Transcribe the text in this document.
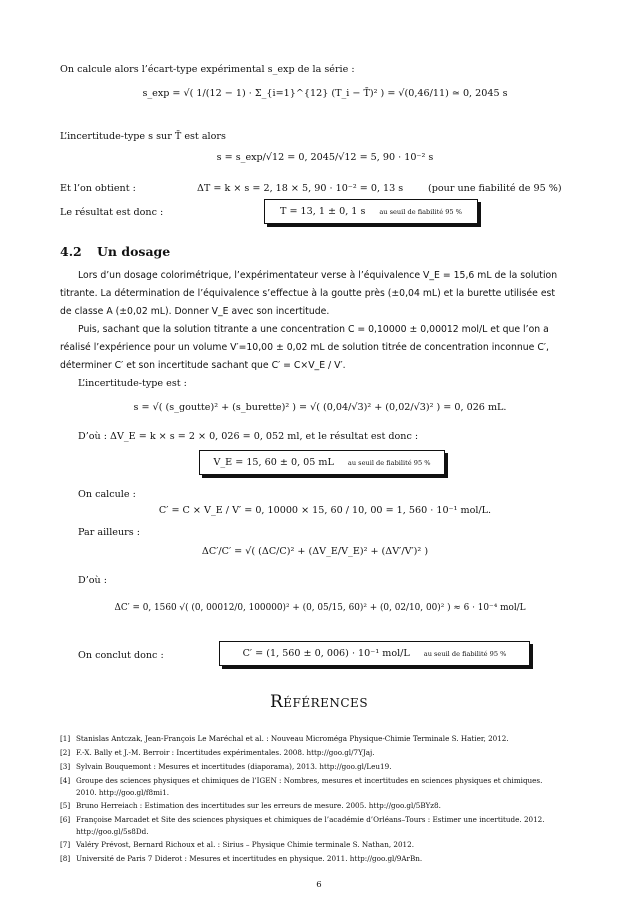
On calcule alors l’écart-type expérimental s_exp de la série :
s_exp = √( 1/(12 − 1) · Σ_{i=1}^{12} (T_i − T̄)² ) = √(0,46/11) ≃ 0, 2045 s
L’incertitude-type s sur T̄ est alors
s = s_exp/√12 = 0, 2045/√12 = 5, 90 · 10⁻² s
Et l’on obtient :	ΔT = k × s = 2, 18 × 5, 90 · 10⁻² = 0, 13 s	(pour une fiabilité de 95 %)
Le résultat est donc :	T = 13, 1 ± 0, 1 s au seuil de fiabilité 95 %
4.2 Un dosage
Lors d’un dosage colorimétrique, l’expérimentateur verse à l’équivalence V_E = 15,6 mL de la solution
titrante. La détermination de l’équivalence s’effectue à la goutte près (±0,04 mL) et la burette utilisée est
de classe A (±0,02 mL). Donner V_E avec son incertitude.
Puis, sachant que la solution titrante a une concentration C = 0,10000 ± 0,00012 mol/L et que l’on a
réalisé l’expérience pour un volume V′=10,00 ± 0,02 mL de solution titrée de concentration inconnue C′,
déterminer C′ et son incertitude sachant que C′ = C×V_E / V′.
L’incertitude-type est :
s = √( (s_goutte)² + (s_burette)² ) = √( (0,04/√3)² + (0,02/√3)² ) = 0, 026 mL.
D’où : ΔV_E = k × s = 2 × 0, 026 = 0, 052 ml, et le résultat est donc :
V_E = 15, 60 ± 0, 05 mL au seuil de fiabilité 95 %
On calcule :
C′ = C × V_E / V′ = 0, 10000 × 15, 60 / 10, 00 = 1, 560 · 10⁻¹ mol/L.
Par ailleurs :
ΔC′/C′ = √( (ΔC/C)² + (ΔV_E/V_E)² + (ΔV′/V′)² )
D’où :
ΔC′ = 0, 1560 √( (0, 00012/0, 100000)² + (0, 05/15, 60)² + (0, 02/10, 00)² ) ≈ 6 · 10⁻⁴ mol/L
On conclut donc :	C′ = (1, 560 ± 0, 006) · 10⁻¹ mol/L au seuil de fiabilité 95 %
Références
[1] Stanislas Antczak, Jean-François Le Maréchal et al. : Nouveau Microméga Physique-Chimie Terminale S. Hatier, 2012.
[2] F.-X. Bally et J.-M. Berroir : Incertitudes expérimentales. 2008. http://goo.gl/7YJaj.
[3] Sylvain Bouquemont : Mesures et incertitudes (diaporama), 2013. http://goo.gl/Leu19.
[4] Groupe des sciences physiques et chimiques de l’IGEN : Nombres, mesures et incertitudes en sciences physiques et chimiques.
2010. http://goo.gl/f8mi1.
[5] Bruno Herreiach : Estimation des incertitudes sur les erreurs de mesure. 2005. http://goo.gl/5BYz8.
[6] Françoise Marcadet et Site des sciences physiques et chimiques de l’académie d’Orléans–Tours : Estimer une incertitude. 2012.
http://goo.gl/5s8Dd.
[7] Valéry Prévost, Bernard Richoux et al. : Sirius – Physique Chimie terminale S. Nathan, 2012.
[8] Université de Paris 7 Diderot : Mesures et incertitudes en physique. 2011. http://goo.gl/9ArBn.
6
